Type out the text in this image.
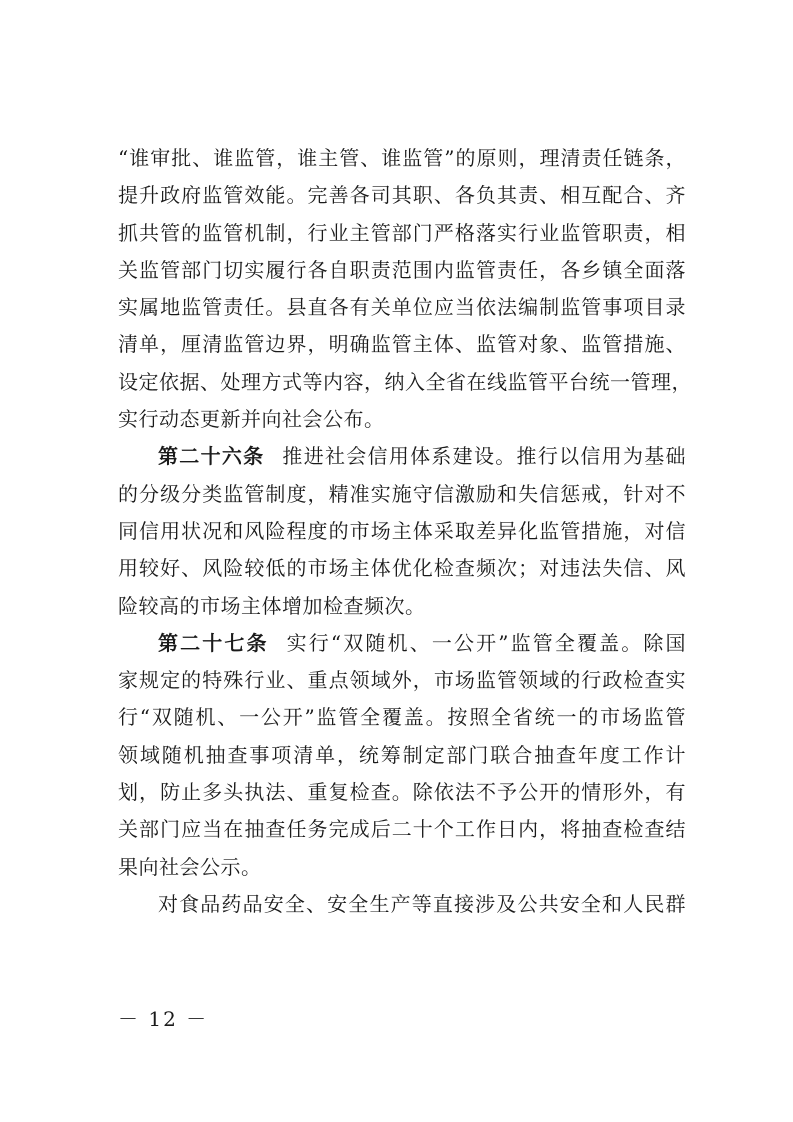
“谁审批、谁监管，谁主管、谁监管”的原则，理清责任链条，
提升政府监管效能。完善各司其职、各负其责、相互配合、齐
抓共管的监管机制，行业主管部门严格落实行业监管职责，相
关监管部门切实履行各自职责范围内监管责任，各乡镇全面落
实属地监管责任。县直各有关单位应当依法编制监管事项目录
清单，厘清监管边界，明确监管主体、监管对象、监管措施、
设定依据、处理方式等内容，纳入全省在线监管平台统一管理，
实行动态更新并向社会公布。

第二十六条 推进社会信用体系建设。推行以信用为基础
的分级分类监管制度，精准实施守信激励和失信惩戒，针对不
同信用状况和风险程度的市场主体采取差异化监管措施，对信
用较好、风险较低的市场主体优化检查频次；对违法失信、风
险较高的市场主体增加检查频次。

第二十七条 实行“双随机、一公开”监管全覆盖。除国
家规定的特殊行业、重点领域外，市场监管领域的行政检查实
行“双随机、一公开”监管全覆盖。按照全省统一的市场监管
领域随机抽查事项清单，统筹制定部门联合抽查年度工作计
划，防止多头执法、重复检查。除依法不予公开的情形外，有
关部门应当在抽查任务完成后二十个工作日内，将抽查检查结
果向社会公示。

对食品药品安全、安全生产等直接涉及公共安全和人民群

－ 12 －
